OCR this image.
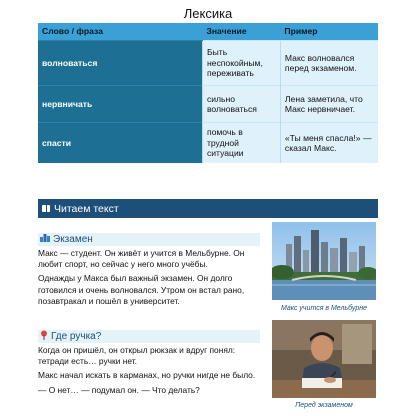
Лексика
Слово / фраза	Значение	Пример
волноваться	Быть неспокойным, переживать	Макс волновался перед экзаменом.
нервничать	сильно волноваться	Лена заметила, что Макс нервничает.
спасти	помочь в трудной ситуации	«Ты меня спасла!» — сказал Макс.
Читаем текст
Экзамен

Макс — студент. Он живёт и учится в Мельбурне. Он любит спорт, но сейчас у него много учёбы.

Однажды у Макса был важный экзамен. Он долго готовился и очень волновался. Утром он встал рано, позавтракал и пошёл в университет.

Макс учится в Мельбурне
Где ручка?

Когда он пришёл, он открыл рюкзак и вдруг понял: тетради есть… ручки нет.

Макс начал искать в карманах, но ручки нигде не было.

— О нет… — подумал он. — Что делать?

Перед экзаменом
